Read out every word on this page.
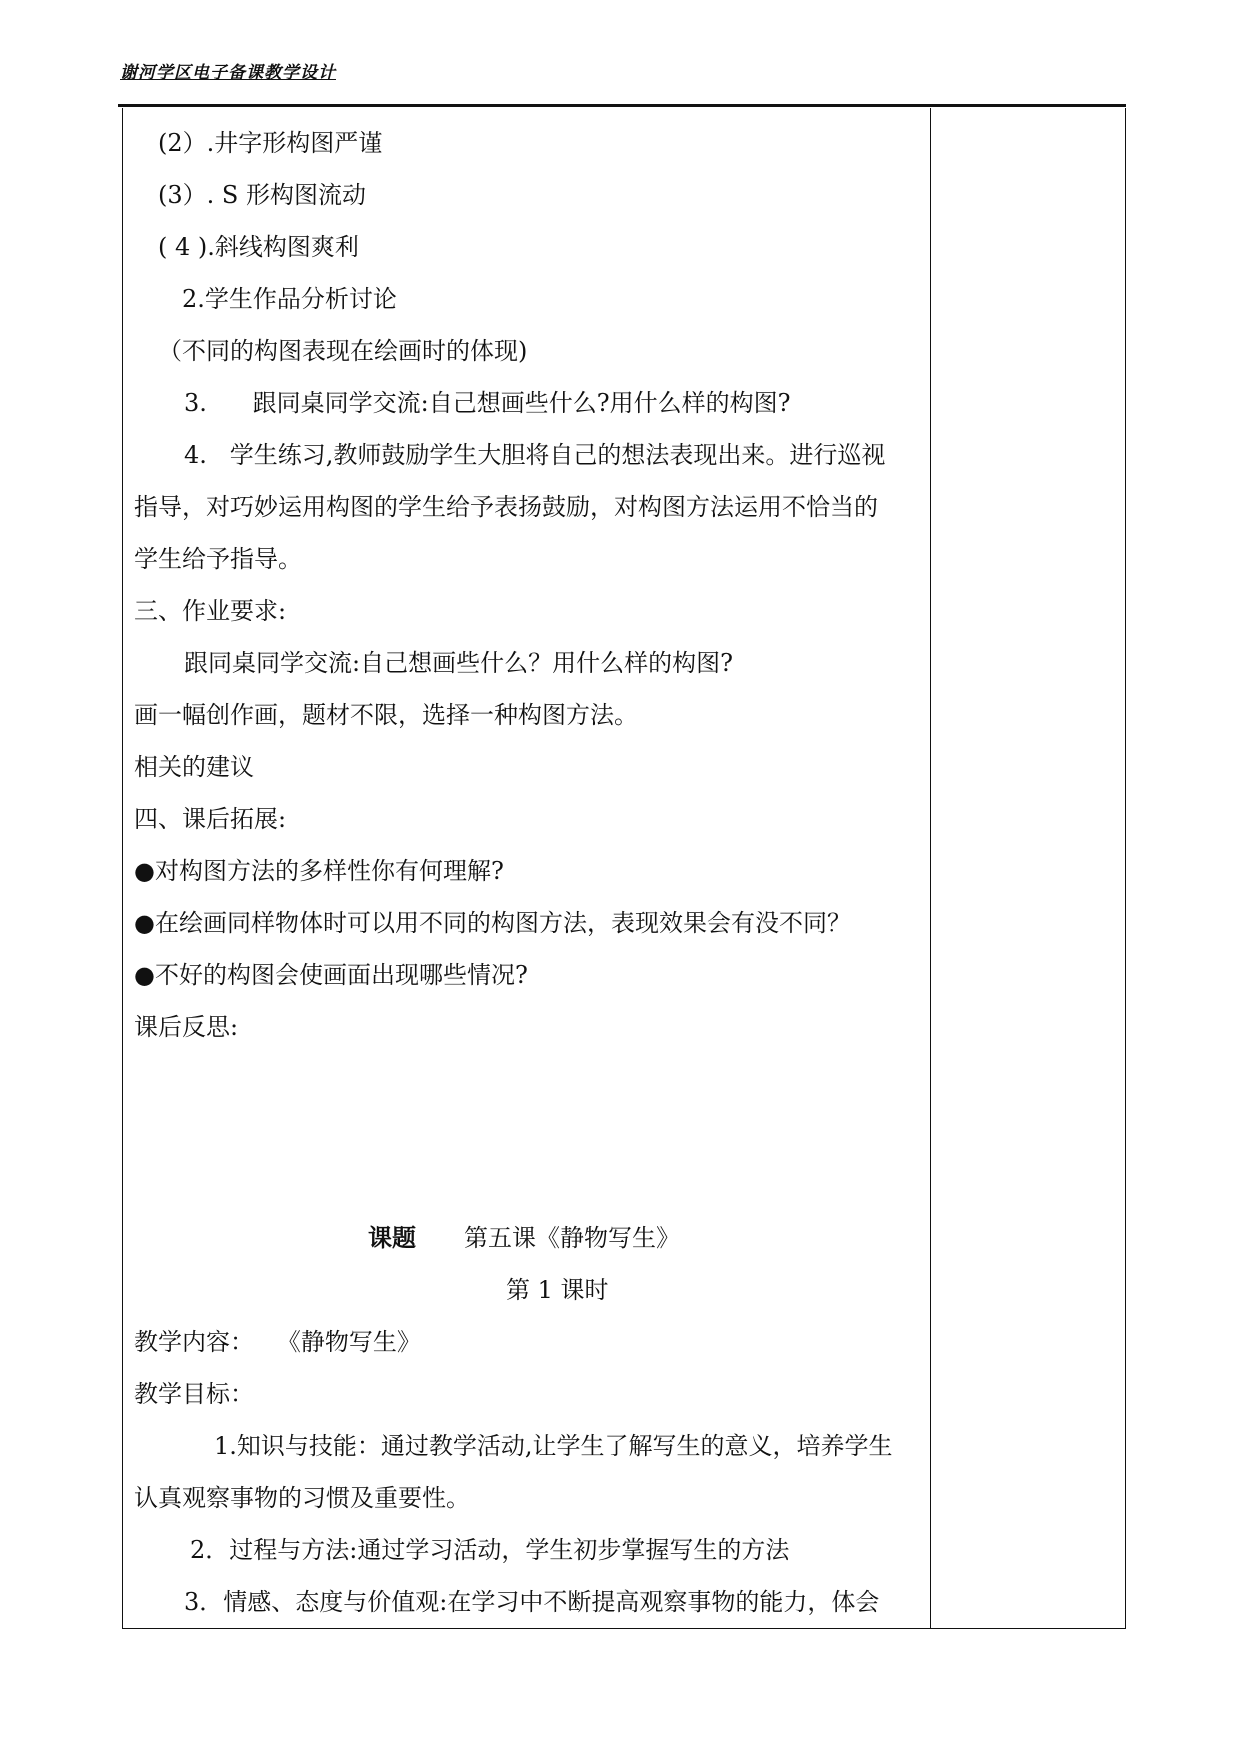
谢河学区电子备课教学设计
(2）.井字形构图严谨
(3）. S 形构图流动
( 4 ).斜线构图爽利
2.学生作品分析讨论
（不同的构图表现在绘画时的体现)
3.      跟同桌同学交流:自己想画些什么?用什么样的构图?
4.   学生练习,教师鼓励学生大胆将自己的想法表现出来。进行巡视
指导，对巧妙运用构图的学生给予表扬鼓励，对构图方法运用不恰当的
学生给予指导。
三、作业要求:
跟同桌同学交流:自己想画些什么？用什么样的构图?
画一幅创作画，题材不限，选择一种构图方法。
相关的建议
四、课后拓展:
●对构图方法的多样性你有何理解?
●在绘画同样物体时可以用不同的构图方法，表现效果会有没不同？
●不好的构图会使画面出现哪些情况?
课后反思:
课题 第五课《静物写生》
第 1 课时
教学内容：   《静物写生》
教学目标：
1.知识与技能：通过教学活动,让学生了解写生的意义，培养学生
认真观察事物的习惯及重要性。
2．过程与方法:通过学习活动，学生初步掌握写生的方法
3．情感、态度与价值观:在学习中不断提高观察事物的能力，体会
